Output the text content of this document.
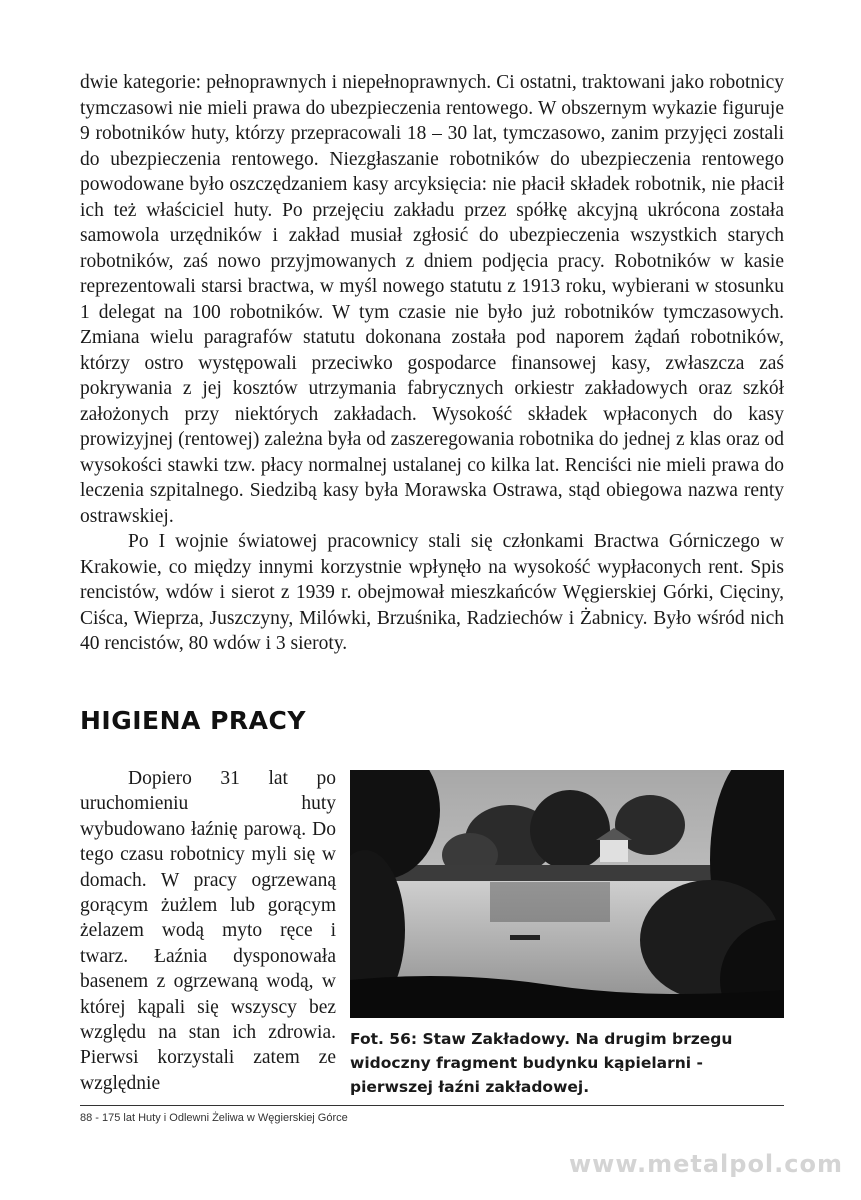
dwie kategorie: pełnoprawnych i niepełnoprawnych. Ci ostatni, traktowani jako robotnicy tymczasowi nie mieli prawa do ubezpieczenia rentowego. W obszernym wykazie figuruje 9 robotników huty, którzy przepracowali 18 – 30 lat, tymczasowo, zanim przyjęci zostali do ubezpieczenia rentowego. Niezgłaszanie robotników do ubezpieczenia rentowego powodowane było oszczędzaniem kasy arcyksięcia: nie płacił składek robotnik, nie płacił ich też właściciel huty. Po przejęciu zakładu przez spółkę akcyjną ukrócona została samowola urzędników i zakład musiał zgłosić do ubezpieczenia wszystkich starych robotników, zaś nowo przyjmowanych z dniem podjęcia pracy. Robotników w kasie reprezentowali starsi bractwa, w myśl nowego statutu z 1913 roku, wybierani w stosunku 1 delegat na 100 robotników. W tym czasie nie było już robotników tymczasowych. Zmiana wielu paragrafów statutu dokonana została pod naporem żądań robotników, którzy ostro występowali przeciwko gospodarce finansowej kasy, zwłaszcza zaś pokrywania z jej kosztów utrzymania fabrycznych orkiestr zakładowych oraz szkół założonych przy niektórych zakładach. Wysokość składek wpłaconych do kasy prowizyjnej (rentowej) zależna była od zaszeregowania robotnika do jednej z klas oraz od wysokości stawki tzw. płacy normalnej ustalanej co kilka lat. Renciści nie mieli prawa do leczenia szpitalnego. Siedzibą kasy była Morawska Ostrawa, stąd obiegowa nazwa renty ostrawskiej.

Po I wojnie światowej pracownicy stali się członkami Bractwa Górniczego w Krakowie, co między innymi korzystnie wpłynęło na wysokość wypłaconych rent. Spis rencistów, wdów i sierot z 1939 r. obejmował mieszkańców Węgierskiej Górki, Cięciny, Ciśca, Wieprza, Juszczyny, Milówki, Brzuśnika, Radziechów i Żabnicy. Było wśród nich 40 rencistów, 80 wdów i 3 sieroty.

HIGIENA PRACY

Dopiero 31 lat po uruchomieniu huty wybudowano łaźnię parową. Do tego czasu robotnicy myli się w domach. W pracy ogrzewaną gorącym żużlem lub gorącym żelazem wodą myto ręce i twarz. Łaźnia dysponowała basenem z ogrzewaną wodą, w której kąpali się wszyscy bez względu na stan ich zdrowia. Pierwsi korzystali zatem ze względnie

Fot. 56: Staw Zakładowy. Na drugim brzegu widoczny fragment budynku kąpielarni - pierwszej łaźni zakładowej.

88 - 175 lat Huty i Odlewni Żeliwa w Węgierskiej Górce
www.metalpol.com
